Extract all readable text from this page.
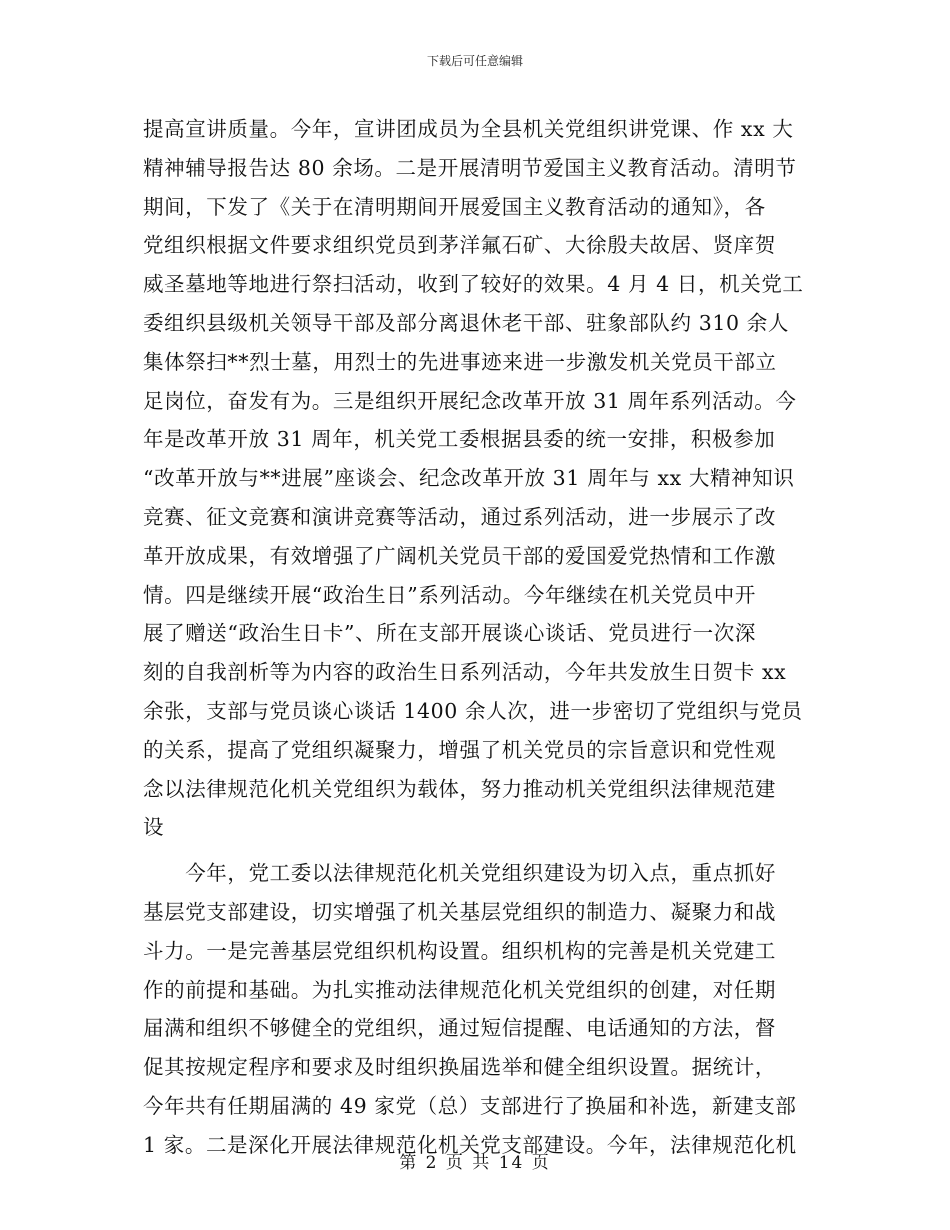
下载后可任意编辑
提高宣讲质量。今年，宣讲团成员为全县机关党组织讲党课、作 xx 大
精神辅导报告达 80 余场。二是开展清明节爱国主义教育活动。清明节
期间，下发了《关于在清明期间开展爱国主义教育活动的通知》，各
党组织根据文件要求组织党员到茅洋氟石矿、大徐殷夫故居、贤庠贺
威圣墓地等地进行祭扫活动，收到了较好的效果。4 月 4 日，机关党工
委组织县级机关领导干部及部分离退休老干部、驻象部队约 310 余人
集体祭扫**烈士墓，用烈士的先进事迹来进一步激发机关党员干部立
足岗位，奋发有为。三是组织开展纪念改革开放 31 周年系列活动。今
年是改革开放 31 周年，机关党工委根据县委的统一安排，积极参加
“改革开放与**进展”座谈会、纪念改革开放 31 周年与 xx 大精神知识
竞赛、征文竞赛和演讲竞赛等活动，通过系列活动，进一步展示了改
革开放成果，有效增强了广阔机关党员干部的爱国爱党热情和工作激
情。四是继续开展“政治生日”系列活动。今年继续在机关党员中开
展了赠送“政治生日卡”、所在支部开展谈心谈话、党员进行一次深
刻的自我剖析等为内容的政治生日系列活动，今年共发放生日贺卡 xx
余张，支部与党员谈心谈话 1400 余人次，进一步密切了党组织与党员
的关系，提高了党组织凝聚力，增强了机关党员的宗旨意识和党性观
念以法律规范化机关党组织为载体，努力推动机关党组织法律规范建
设
　　今年，党工委以法律规范化机关党组织建设为切入点，重点抓好
基层党支部建设，切实增强了机关基层党组织的制造力、凝聚力和战
斗力。一是完善基层党组织机构设置。组织机构的完善是机关党建工
作的前提和基础。为扎实推动法律规范化机关党组织的创建，对任期
届满和组织不够健全的党组织，通过短信提醒、电话通知的方法，督
促其按规定程序和要求及时组织换届选举和健全组织设置。据统计，
今年共有任期届满的 49 家党（总）支部进行了换届和补选，新建支部
1 家。二是深化开展法律规范化机关党支部建设。今年，法律规范化机
第 2 页 共 14 页
